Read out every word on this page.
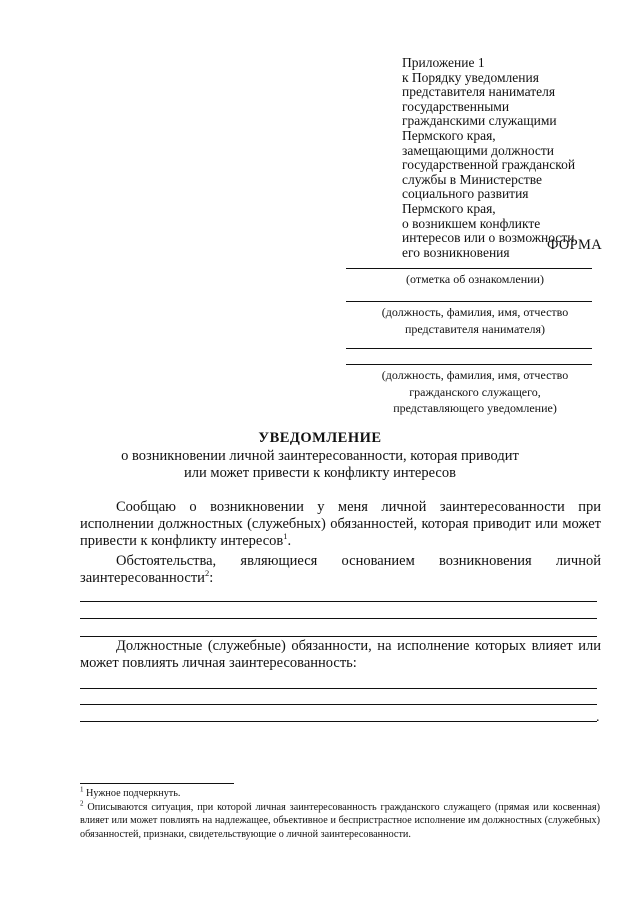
Приложение 1
к Порядку уведомления
представителя нанимателя
государственными
гражданскими служащими
Пермского края,
замещающими должности
государственной гражданской
службы в Министерстве
социального развития
Пермского края,
о возникшем конфликте
интересов или о возможности
его возникновения	ФОРМА
(отметка об ознакомлении)
(должность, фамилия, имя, отчество
представителя нанимателя)
(должность, фамилия, имя, отчество
гражданского служащего,
представляющего уведомление)
УВЕДОМЛЕНИЕ
о возникновении личной заинтересованности, которая приводит
или может привести к конфликту интересов
Сообщаю о возникновении у меня личной заинтересованности при исполнении должностных (служебных) обязанностей, которая приводит или может привести к конфликту интересов$^1$.
Обстоятельства, являющиеся основанием возникновения личной заинтересованности$^2$:
Должностные (служебные) обязанности, на исполнение которых влияет или может повлиять личная заинтересованность:
.
$^1$ Нужное подчеркнуть.
$^2$ Описываются ситуация, при которой личная заинтересованность гражданского служащего (прямая или косвенная) влияет или может повлиять на надлежащее, объективное и беспристрастное исполнение им должностных (служебных) обязанностей, признаки, свидетельствующие о личной заинтересованности.
